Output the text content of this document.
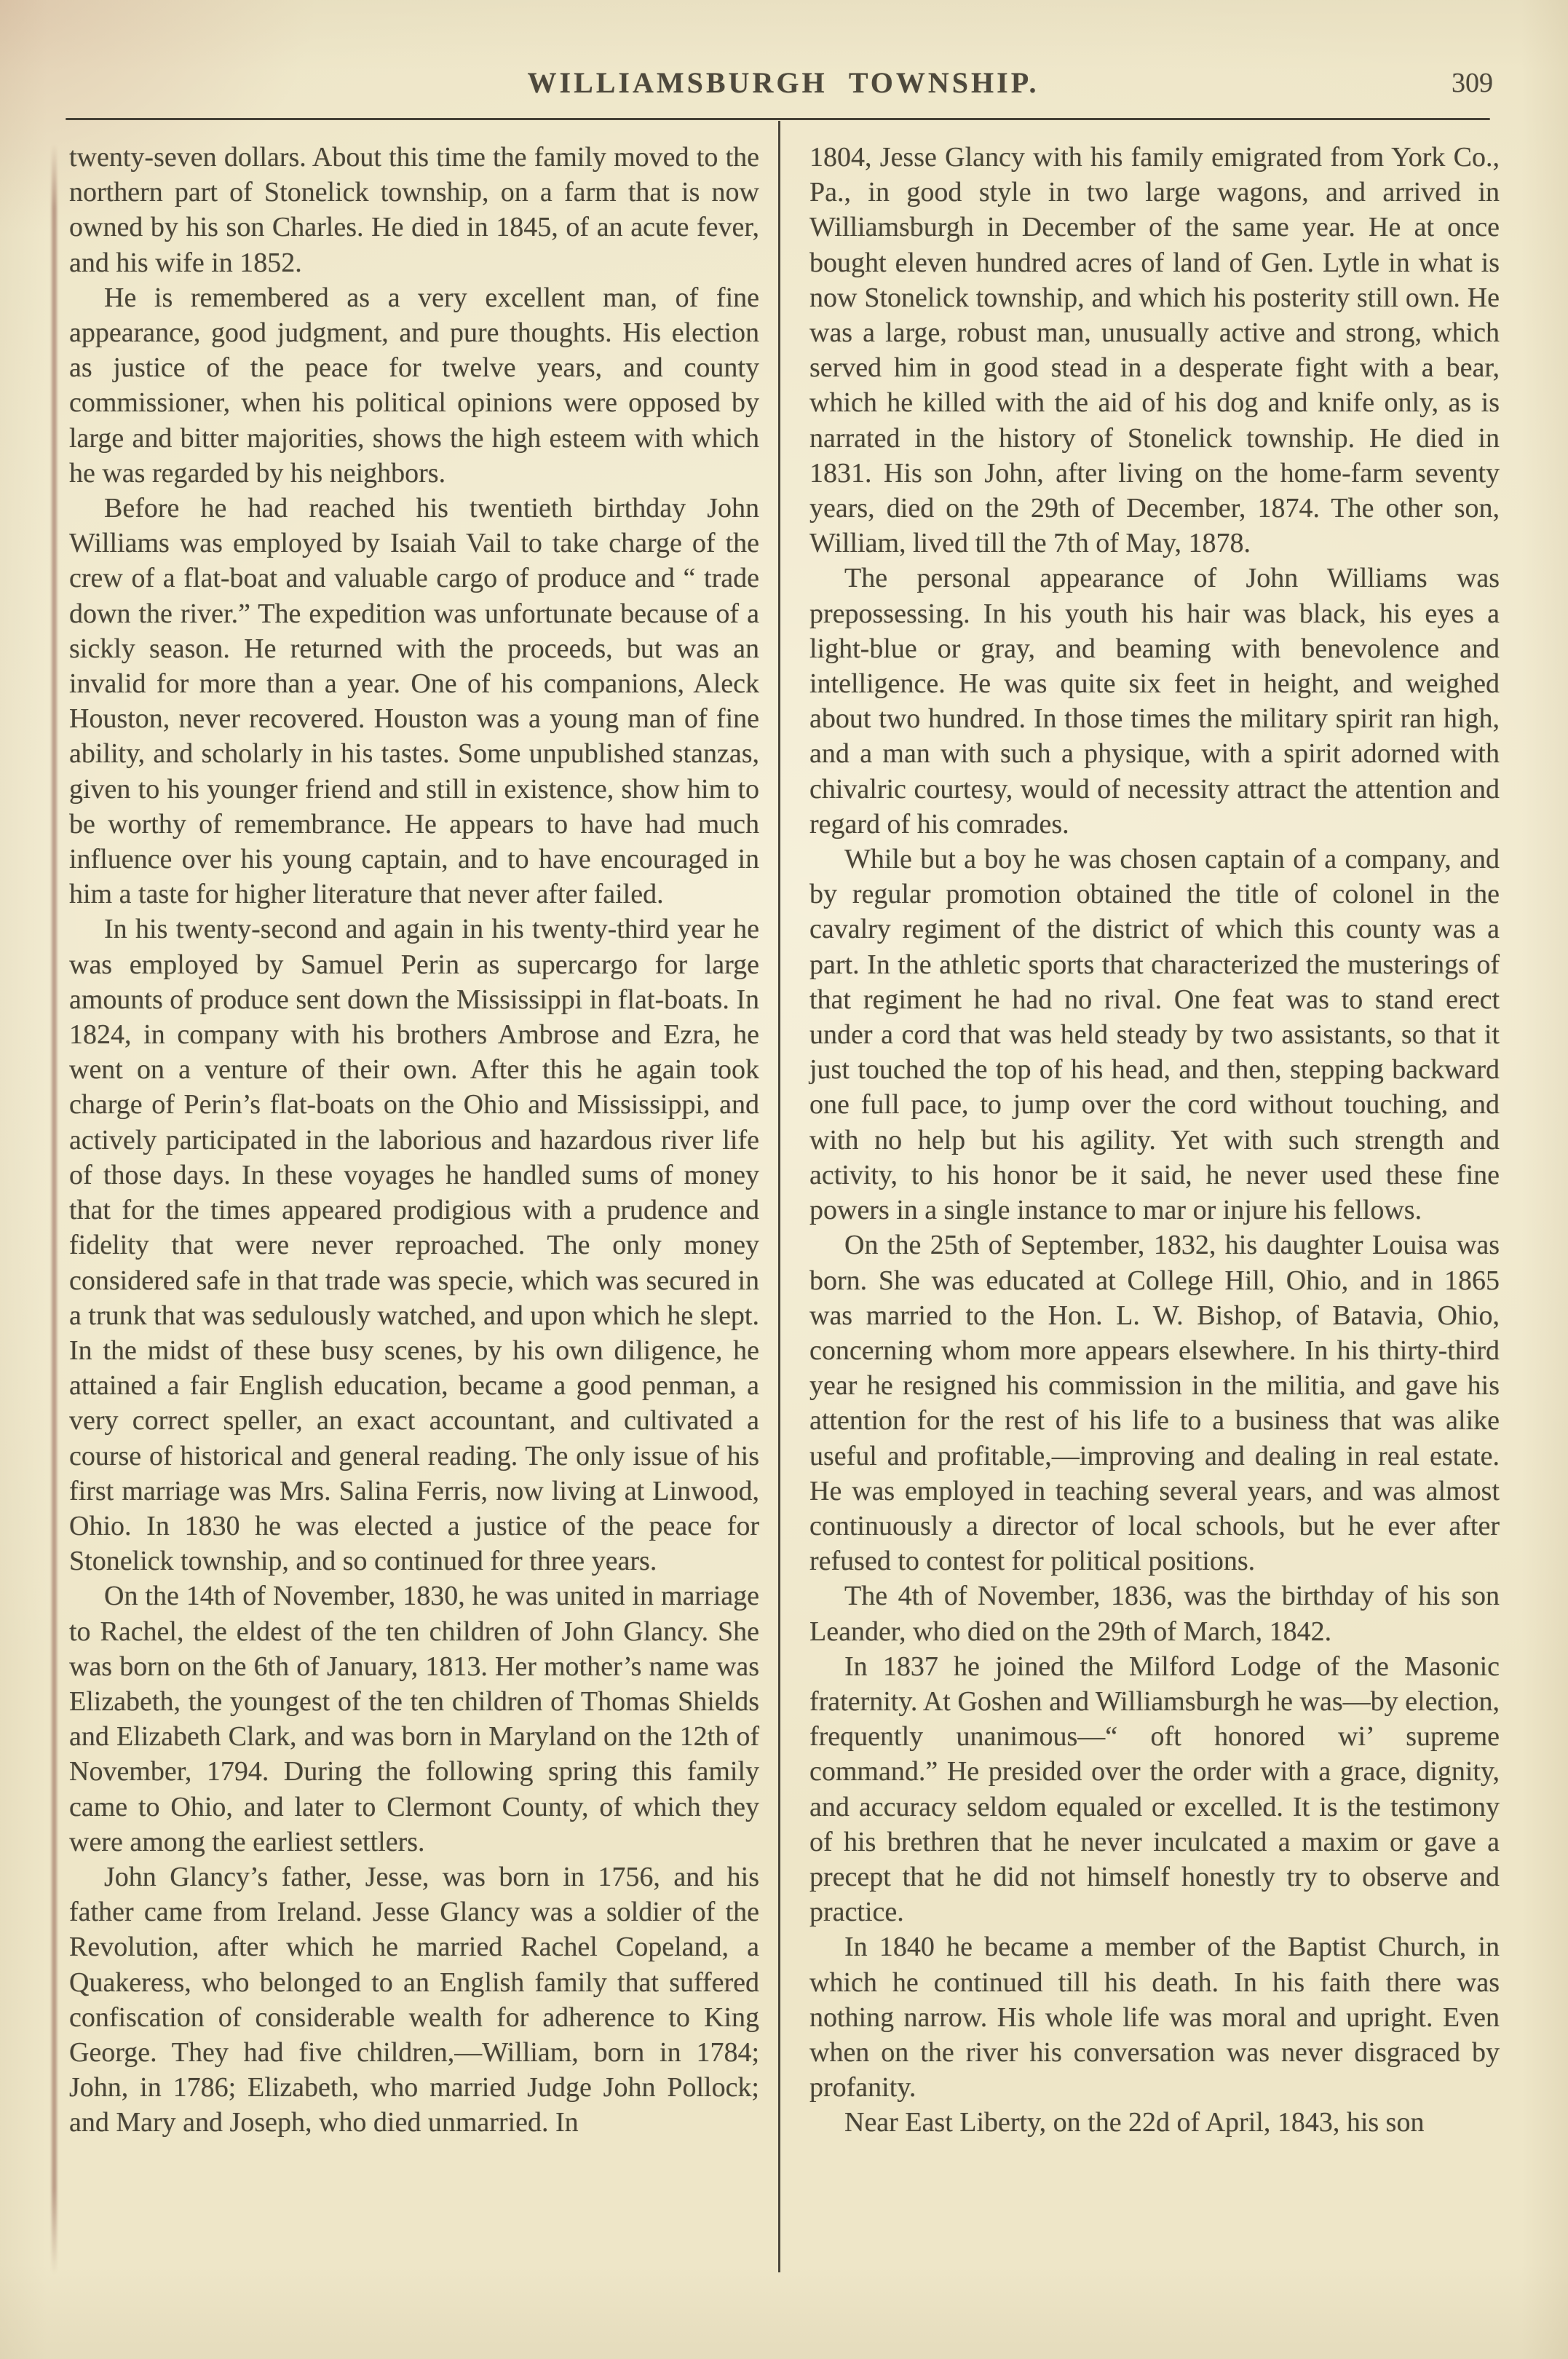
WILLIAMSBURGH TOWNSHIP.	309

twenty-seven dollars. About this time the family moved to the northern part of Stonelick township, on a farm that is now owned by his son Charles. He died in 1845, of an acute fever, and his wife in 1852.

He is remembered as a very excellent man, of fine appearance, good judgment, and pure thoughts. His election as justice of the peace for twelve years, and county commissioner, when his political opinions were opposed by large and bitter majorities, shows the high esteem with which he was regarded by his neighbors.

Before he had reached his twentieth birthday John Williams was employed by Isaiah Vail to take charge of the crew of a flat-boat and valuable cargo of produce and “ trade down the river.” The expedition was unfortunate because of a sickly season. He returned with the proceeds, but was an invalid for more than a year. One of his companions, Aleck Houston, never recovered. Houston was a young man of fine ability, and scholarly in his tastes. Some unpublished stanzas, given to his younger friend and still in existence, show him to be worthy of remembrance. He appears to have had much influence over his young captain, and to have encouraged in him a taste for higher literature that never after failed.

In his twenty-second and again in his twenty-third year he was employed by Samuel Perin as supercargo for large amounts of produce sent down the Mississippi in flat-boats. In 1824, in company with his brothers Ambrose and Ezra, he went on a venture of their own. After this he again took charge of Perin’s flat-boats on the Ohio and Mississippi, and actively participated in the laborious and hazardous river life of those days. In these voyages he handled sums of money that for the times appeared prodigious with a prudence and fidelity that were never reproached. The only money considered safe in that trade was specie, which was secured in a trunk that was sedulously watched, and upon which he slept. In the midst of these busy scenes, by his own diligence, he attained a fair English education, became a good penman, a very correct speller, an exact accountant, and cultivated a course of historical and general reading. The only issue of his first marriage was Mrs. Salina Ferris, now living at Linwood, Ohio. In 1830 he was elected a justice of the peace for Stonelick township, and so continued for three years.

On the 14th of November, 1830, he was united in marriage to Rachel, the eldest of the ten children of John Glancy. She was born on the 6th of January, 1813. Her mother’s name was Elizabeth, the youngest of the ten children of Thomas Shields and Elizabeth Clark, and was born in Maryland on the 12th of November, 1794. During the following spring this family came to Ohio, and later to Clermont County, of which they were among the earliest settlers.

John Glancy’s father, Jesse, was born in 1756, and his father came from Ireland. Jesse Glancy was a soldier of the Revolution, after which he married Rachel Copeland, a Quakeress, who belonged to an English family that suffered confiscation of considerable wealth for adherence to King George. They had five children,—William, born in 1784; John, in 1786; Elizabeth, who married Judge John Pollock; and Mary and Joseph, who died unmarried. In

1804, Jesse Glancy with his family emigrated from York Co., Pa., in good style in two large wagons, and arrived in Williamsburgh in December of the same year. He at once bought eleven hundred acres of land of Gen. Lytle in what is now Stonelick township, and which his posterity still own. He was a large, robust man, unusually active and strong, which served him in good stead in a desperate fight with a bear, which he killed with the aid of his dog and knife only, as is narrated in the history of Stonelick township. He died in 1831. His son John, after living on the home-farm seventy years, died on the 29th of December, 1874. The other son, William, lived till the 7th of May, 1878.

The personal appearance of John Williams was prepossessing. In his youth his hair was black, his eyes a light-blue or gray, and beaming with benevolence and intelligence. He was quite six feet in height, and weighed about two hundred. In those times the military spirit ran high, and a man with such a physique, with a spirit adorned with chivalric courtesy, would of necessity attract the attention and regard of his comrades.

While but a boy he was chosen captain of a company, and by regular promotion obtained the title of colonel in the cavalry regiment of the district of which this county was a part. In the athletic sports that characterized the musterings of that regiment he had no rival. One feat was to stand erect under a cord that was held steady by two assistants, so that it just touched the top of his head, and then, stepping backward one full pace, to jump over the cord without touching, and with no help but his agility. Yet with such strength and activity, to his honor be it said, he never used these fine powers in a single instance to mar or injure his fellows.

On the 25th of September, 1832, his daughter Louisa was born. She was educated at College Hill, Ohio, and in 1865 was married to the Hon. L. W. Bishop, of Batavia, Ohio, concerning whom more appears elsewhere. In his thirty-third year he resigned his commission in the militia, and gave his attention for the rest of his life to a business that was alike useful and profitable,—improving and dealing in real estate. He was employed in teaching several years, and was almost continuously a director of local schools, but he ever after refused to contest for political positions.

The 4th of November, 1836, was the birthday of his son Leander, who died on the 29th of March, 1842.

In 1837 he joined the Milford Lodge of the Masonic fraternity. At Goshen and Williamsburgh he was—by election, frequently unanimous—“ oft honored wi’ supreme command.” He presided over the order with a grace, dignity, and accuracy seldom equaled or excelled. It is the testimony of his brethren that he never inculcated a maxim or gave a precept that he did not himself honestly try to observe and practice.

In 1840 he became a member of the Baptist Church, in which he continued till his death. In his faith there was nothing narrow. His whole life was moral and upright. Even when on the river his conversation was never disgraced by profanity.

Near East Liberty, on the 22d of April, 1843, his son
